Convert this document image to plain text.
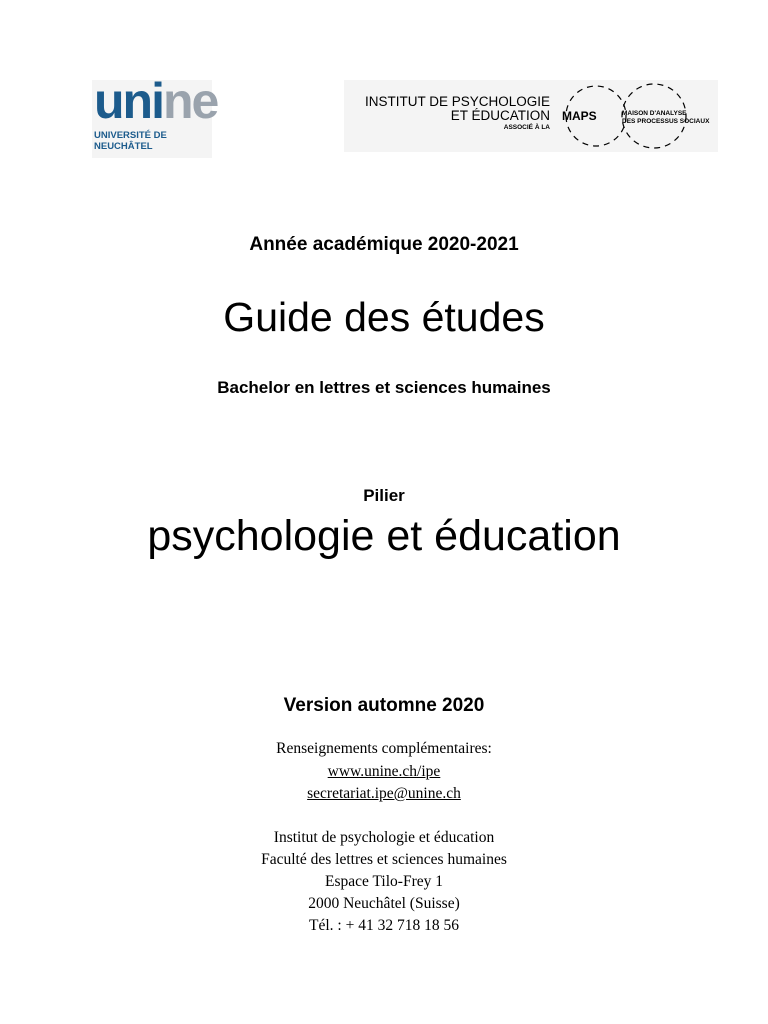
unine
UNIVERSITÉ DE
NEUCHÂTEL
INSTITUT DE PSYCHOLOGIE
ET ÉDUCATION
ASSOCIÉ À LA
MAPS	MAISON D'ANALYSE
DES PROCESSUS SOCIAUX
Année académique 2020-2021
Guide des études
Bachelor en lettres et sciences humaines
Pilier
psychologie et éducation
Version automne 2020
Renseignements complémentaires:
www.unine.ch/ipe
secretariat.ipe@unine.ch
Institut de psychologie et éducation
Faculté des lettres et sciences humaines
Espace Tilo-Frey 1
2000 Neuchâtel (Suisse)
Tél. : + 41 32 718 18 56
